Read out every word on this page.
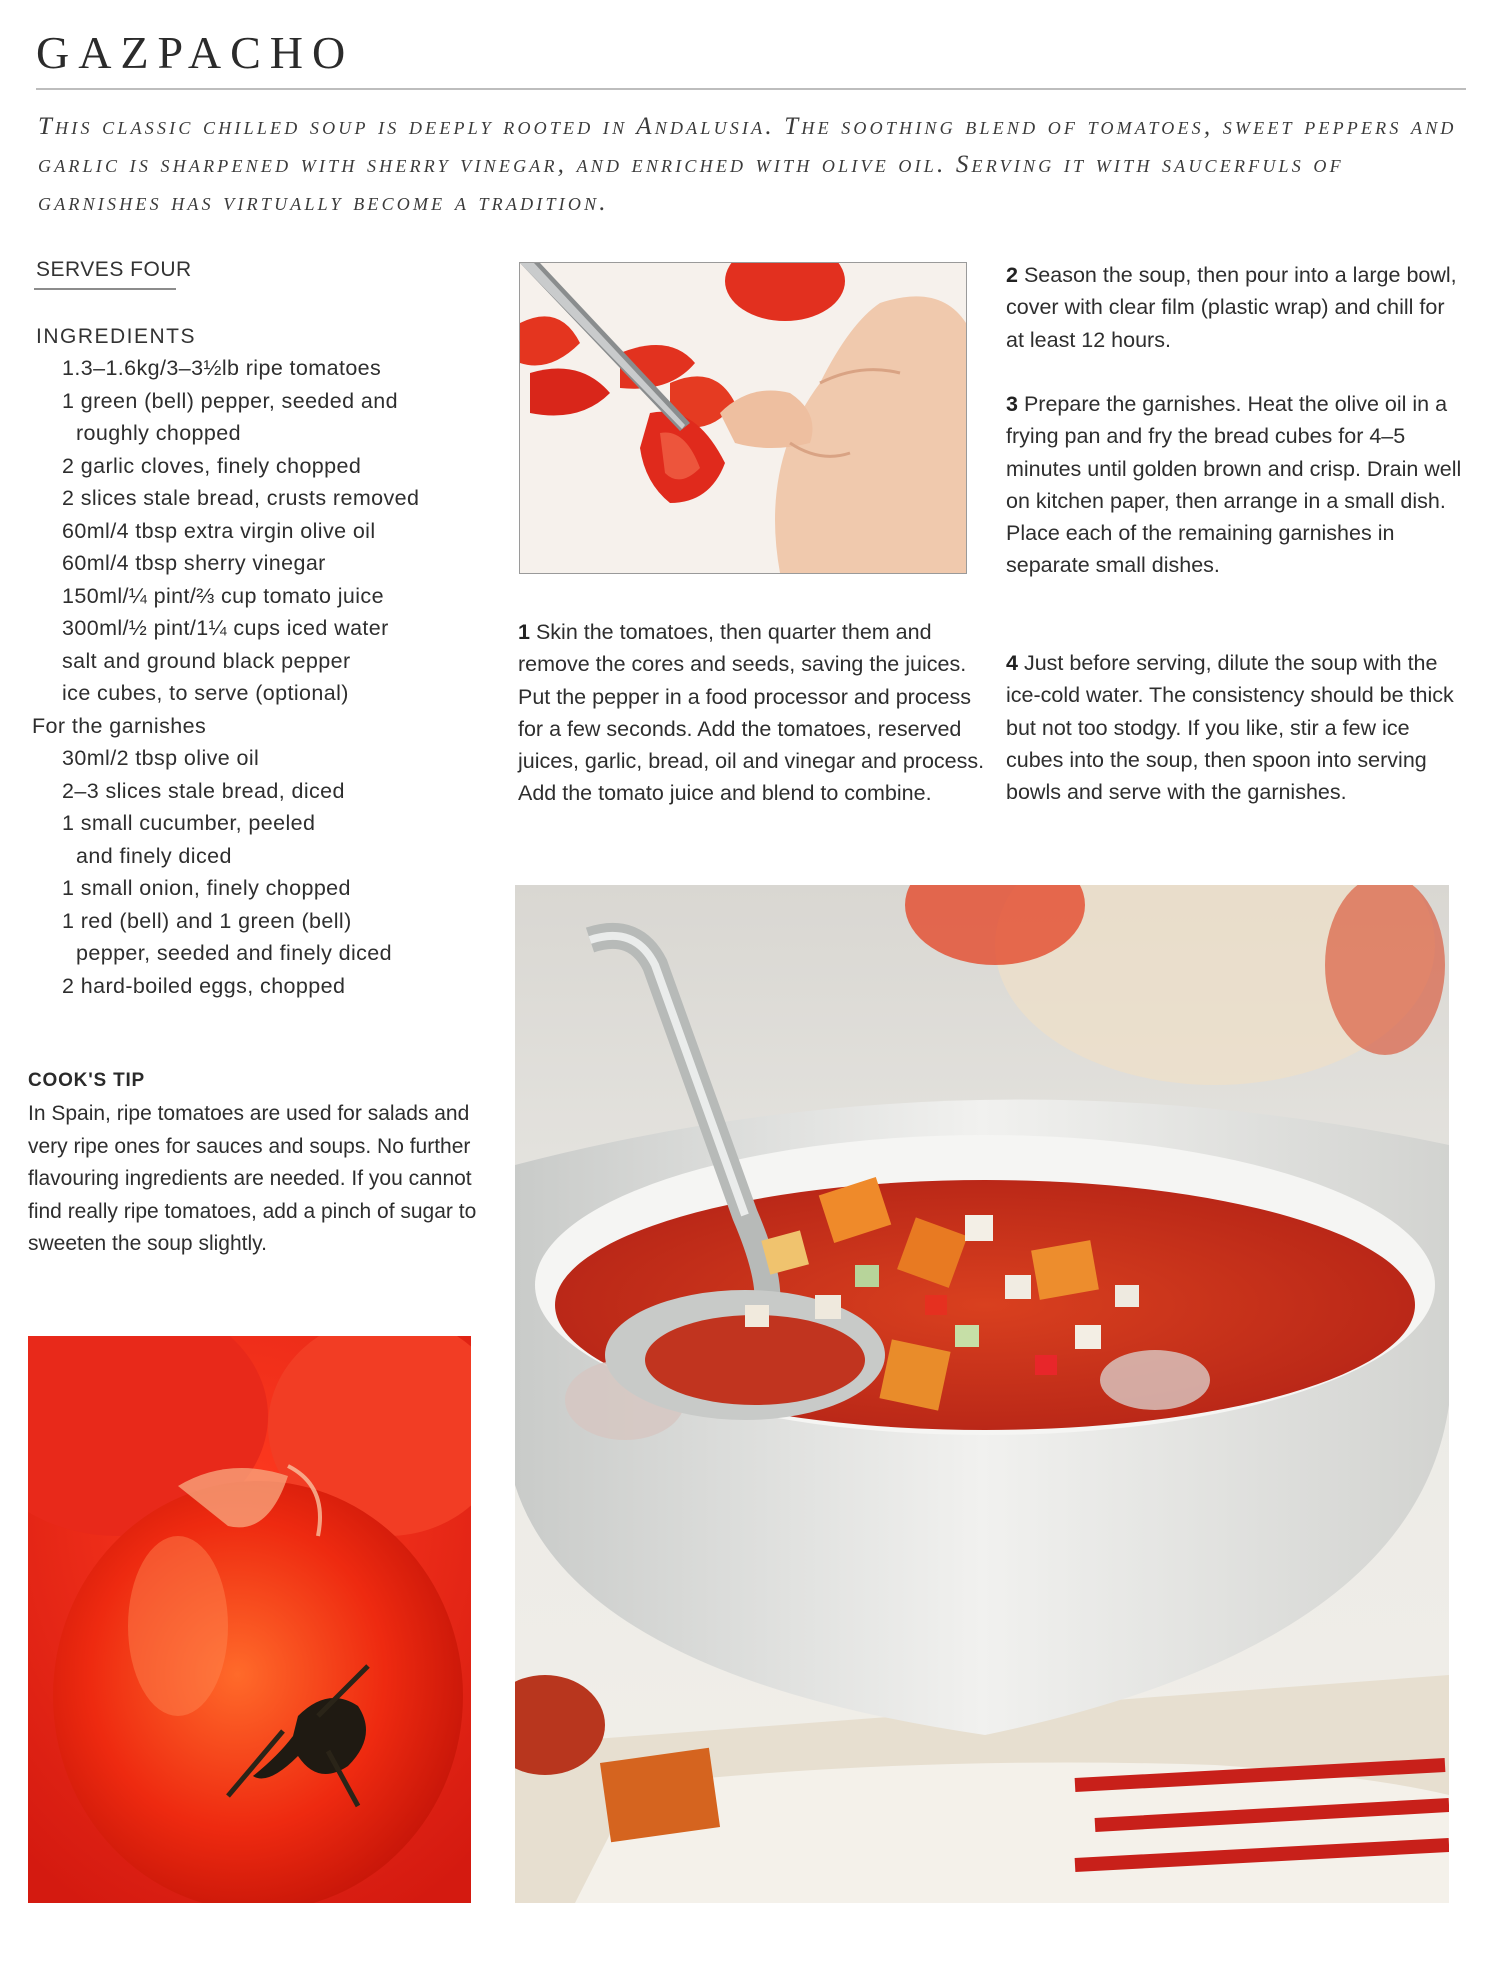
GAZPACHO

This classic chilled soup is deeply rooted in Andalusia. The soothing blend of tomatoes, sweet peppers and garlic is sharpened with sherry vinegar, and enriched with olive oil. Serving it with saucerfuls of garnishes has virtually become a tradition.

SERVES FOUR
INGREDIENTS
1.3–1.6kg/3–3½lb ripe tomatoes
1 green (bell) pepper, seeded and
roughly chopped
2 garlic cloves, finely chopped
2 slices stale bread, crusts removed
60ml/4 tbsp extra virgin olive oil
60ml/4 tbsp sherry vinegar
150ml/¼ pint/⅔ cup tomato juice
300ml/½ pint/1¼ cups iced water
salt and ground black pepper
ice cubes, to serve (optional)
For the garnishes
30ml/2 tbsp olive oil
2–3 slices stale bread, diced
1 small cucumber, peeled
and finely diced
1 small onion, finely chopped
1 red (bell) and 1 green (bell)
pepper, seeded and finely diced
2 hard-boiled eggs, chopped
COOK'S TIP

In Spain, ripe tomatoes are used for salads and very ripe ones for sauces and soups. No further flavouring ingredients are needed. If you cannot find really ripe tomatoes, add a pinch of sugar to sweeten the soup slightly.

1 Skin the tomatoes, then quarter them and remove the cores and seeds, saving the juices. Put the pepper in a food processor and process for a few seconds. Add the tomatoes, reserved juices, garlic, bread, oil and vinegar and process. Add the tomato juice and blend to combine.

2 Season the soup, then pour into a large bowl, cover with clear film (plastic wrap) and chill for at least 12 hours.

3 Prepare the garnishes. Heat the olive oil in a frying pan and fry the bread cubes for 4–5 minutes until golden brown and crisp. Drain well on kitchen paper, then arrange in a small dish. Place each of the remaining garnishes in separate small dishes.

4 Just before serving, dilute the soup with the ice-cold water. The consistency should be thick but not too stodgy. If you like, stir a few ice cubes into the soup, then spoon into serving bowls and serve with the garnishes.
